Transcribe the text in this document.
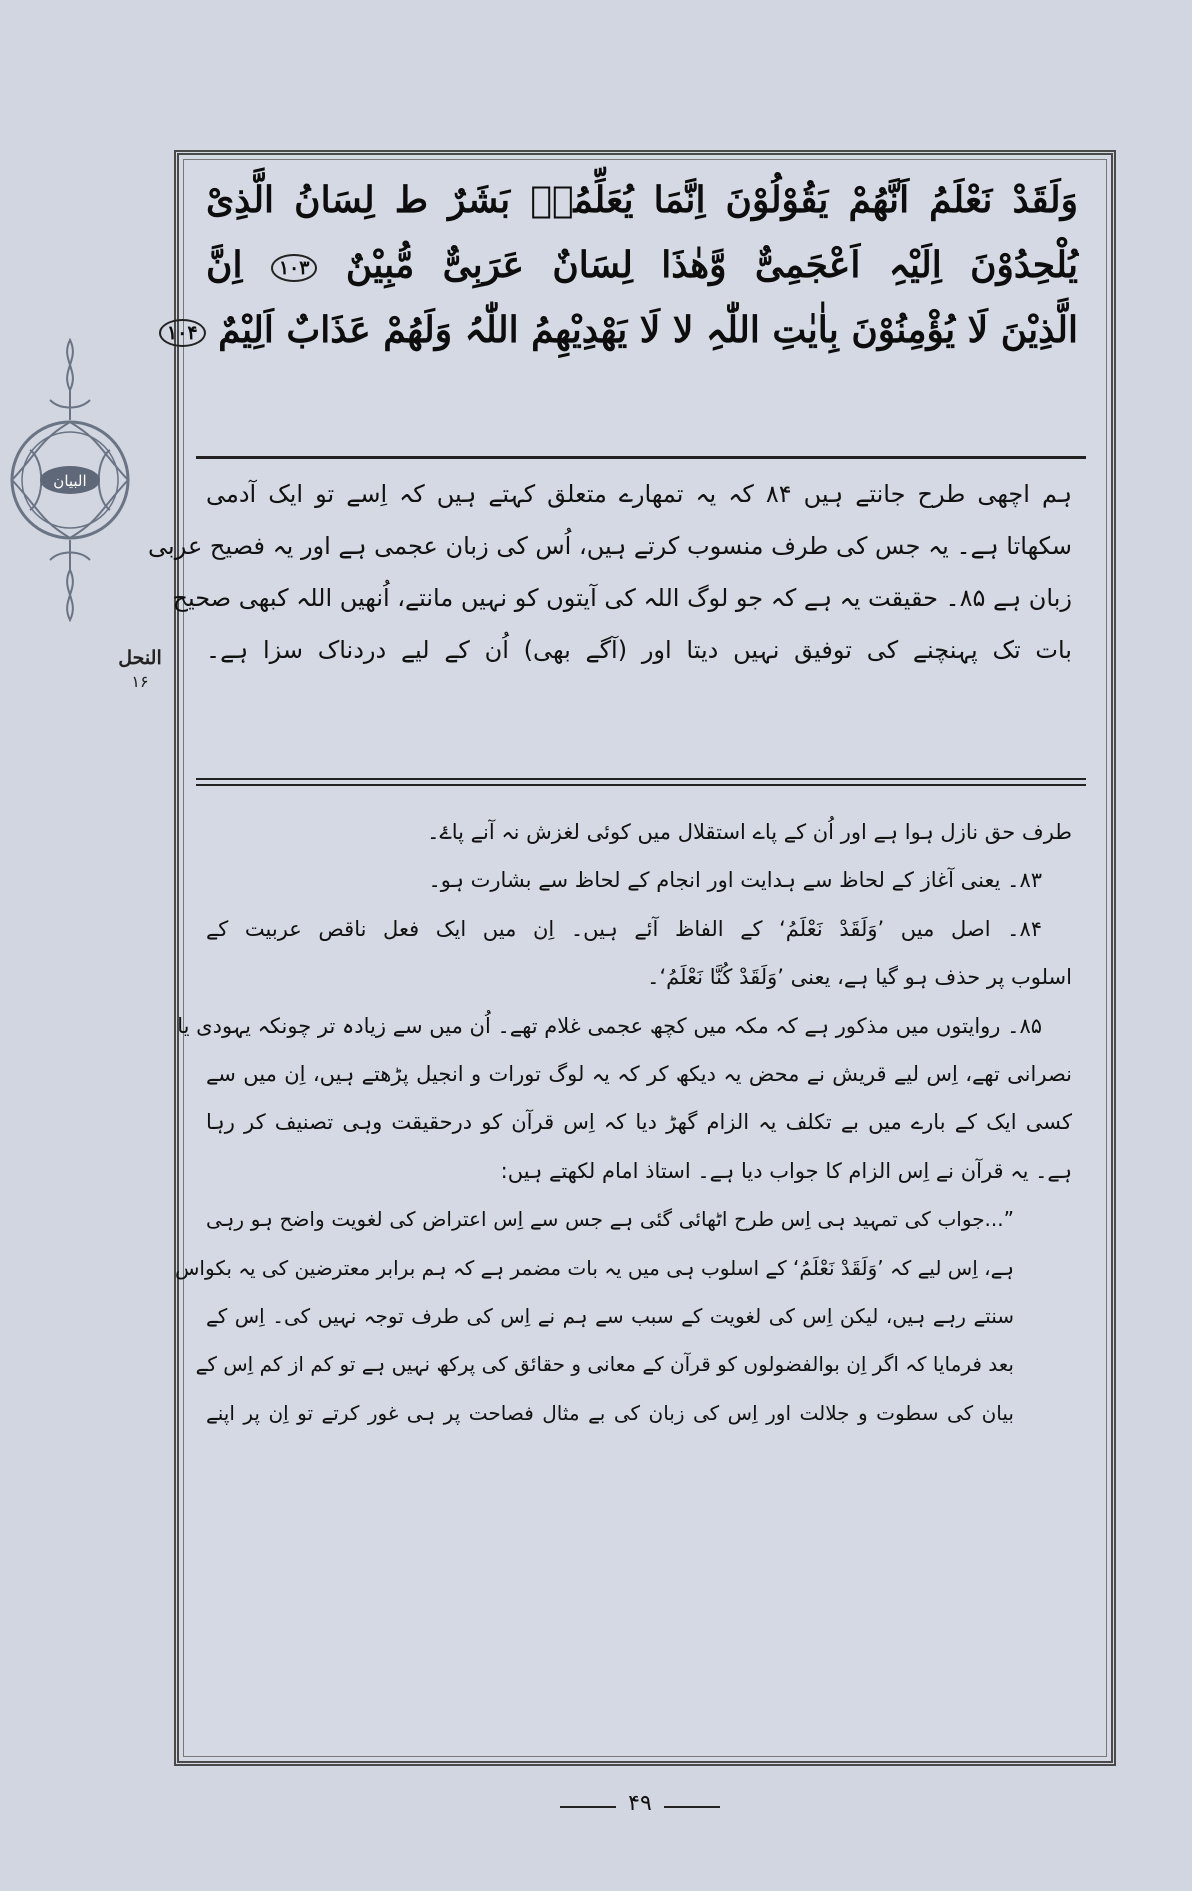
البیان
النحل
۱۶
وَلَقَدْ نَعْلَمُ اَنَّھُمْ یَقُوْلُوْنَ اِنَّمَا یُعَلِّمُہٗ بَشَرٌ ط لِسَانُ الَّذِیْ
یُلْحِدُوْنَ اِلَیْہِ اَعْجَمِیٌّ وَّھٰذَا لِسَانٌ عَرَبِیٌّ مُّبِیْنٌ ۱۰۳ اِنَّ
الَّذِیْنَ لَا یُؤْمِنُوْنَ بِاٰیٰتِ اللّٰہِ لا لَا یَھْدِیْھِمُ اللّٰہُ وَلَھُمْ عَذَابٌ اَلِیْمٌ ۱۰۴
ہم اچھی طرح جانتے ہیں ۸۴ کہ یہ تمھارے متعلق کہتے ہیں کہ اِسے تو ایک آدمی
سکھاتا ہے۔ یہ جس کی طرف منسوب کرتے ہیں، اُس کی زبان عجمی ہے اور یہ فصیح عربی
زبان ہے ۸۵۔ حقیقت یہ ہے کہ جو لوگ اللہ کی آیتوں کو نہیں مانتے، اُنھیں اللہ کبھی صحیح
بات تک پہنچنے کی توفیق نہیں دیتا اور (آگے بھی) اُن کے لیے دردناک سزا ہے۔
طرف حق نازل ہوا ہے اور اُن کے پاے استقلال میں کوئی لغزش نہ آنے پاۓ۔
۸۳۔ یعنی آغاز کے لحاظ سے ہدایت اور انجام کے لحاظ سے بشارت ہو۔
۸۴۔ اصل میں ’وَلَقَدْ نَعْلَمُ‘ کے الفاظ آئے ہیں۔ اِن میں ایک فعل ناقص عربیت کے
اسلوب پر حذف ہو گیا ہے، یعنی ’وَلَقَدْ کُنَّا نَعْلَمُ‘۔
۸۵۔ روایتوں میں مذکور ہے کہ مکہ میں کچھ عجمی غلام تھے۔ اُن میں سے زیادہ تر چونکہ یہودی یا
نصرانی تھے، اِس لیے قریش نے محض یہ دیکھ کر کہ یہ لوگ تورات و انجیل پڑھتے ہیں، اِن میں سے
کسی ایک کے بارے میں بے تکلف یہ الزام گھڑ دیا کہ اِس قرآن کو درحقیقت وہی تصنیف کر رہا
ہے۔ یہ قرآن نے اِس الزام کا جواب دیا ہے۔ استاذ امام لکھتے ہیں:
”...جواب کی تمہید ہی اِس طرح اٹھائی گئی ہے جس سے اِس اعتراض کی لغویت واضح ہو رہی
ہے، اِس لیے کہ ’وَلَقَدْ نَعْلَمُ‘ کے اسلوب ہی میں یہ بات مضمر ہے کہ ہم برابر معترضین کی یہ بکواس
سنتے رہے ہیں، لیکن اِس کی لغویت کے سبب سے ہم نے اِس کی طرف توجہ نہیں کی۔ اِس کے
بعد فرمایا کہ اگر اِن بوالفضولوں کو قرآن کے معانی و حقائق کی پرکھ نہیں ہے تو کم از کم اِس کے
بیان کی سطوت و جلالت اور اِس کی زبان کی بے مثال فصاحت پر ہی غور کرتے تو اِن پر اپنے
۴۹
